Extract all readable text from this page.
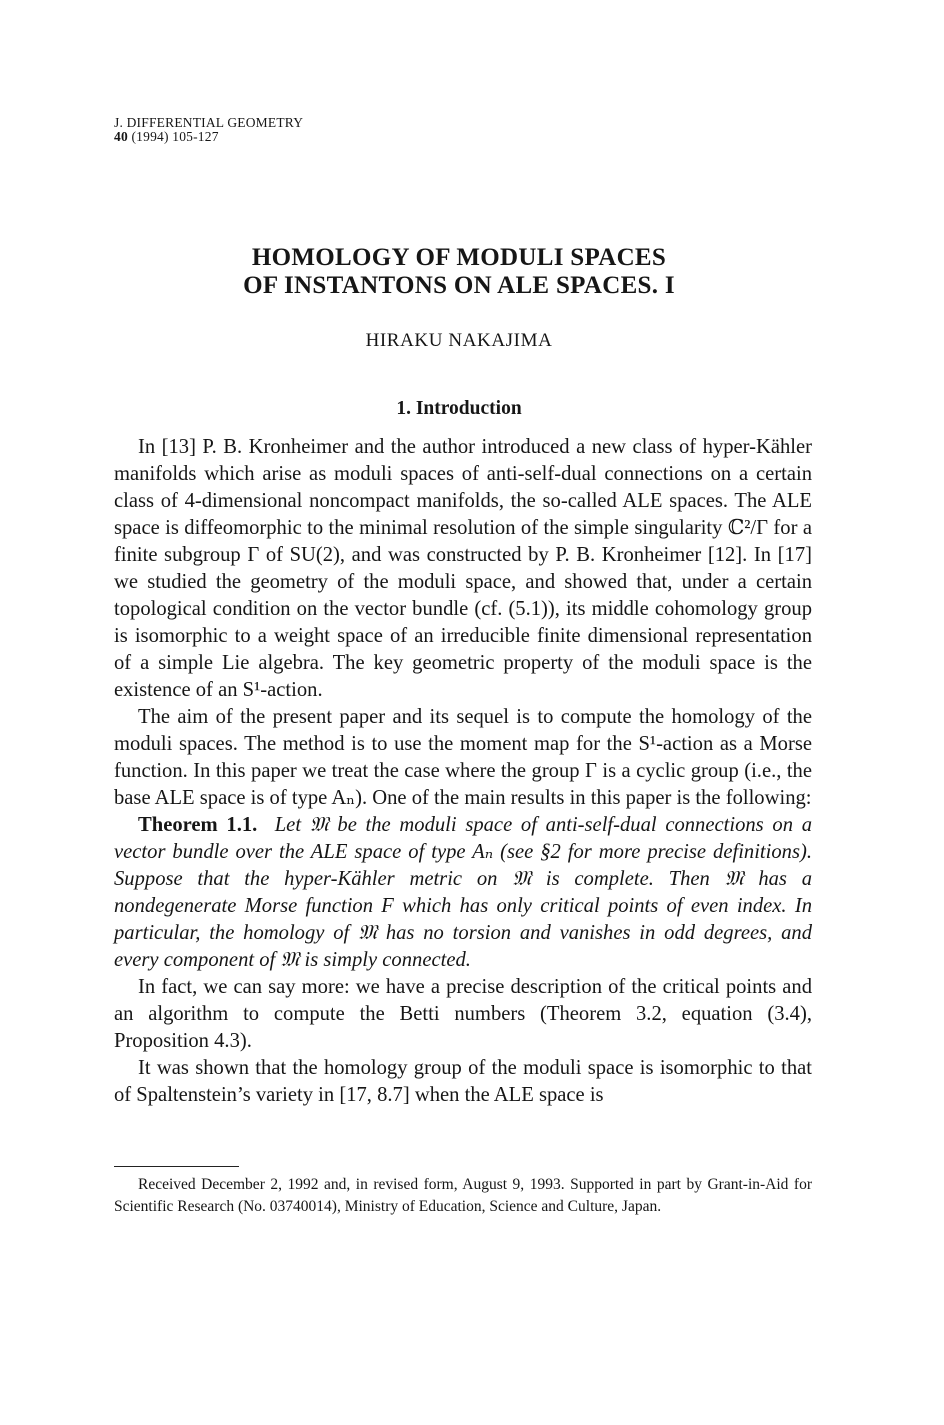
J. DIFFERENTIAL GEOMETRY
40 (1994) 105-127
HOMOLOGY OF MODULI SPACES
OF INSTANTONS ON ALE SPACES. I
HIRAKU NAKAJIMA
1. Introduction

In [13] P. B. Kronheimer and the author introduced a new class of hyper-Kähler manifolds which arise as moduli spaces of anti-self-dual connections on a certain class of 4-dimensional noncompact manifolds, the so-called ALE spaces. The ALE space is diffeomorphic to the minimal resolution of the simple singularity ℂ²/Γ for a finite subgroup Γ of SU(2), and was constructed by P. B. Kronheimer [12]. In [17] we studied the geometry of the moduli space, and showed that, under a certain topological condition on the vector bundle (cf. (5.1)), its middle cohomology group is isomorphic to a weight space of an irreducible finite dimensional representation of a simple Lie algebra. The key geometric property of the moduli space is the existence of an S¹-action.

The aim of the present paper and its sequel is to compute the homology of the moduli spaces. The method is to use the moment map for the S¹-action as a Morse function. In this paper we treat the case where the group Γ is a cyclic group (i.e., the base ALE space is of type Aₙ). One of the main results in this paper is the following:

Theorem 1.1. Let 𝔐 be the moduli space of anti-self-dual connections on a vector bundle over the ALE space of type Aₙ (see §2 for more precise definitions). Suppose that the hyper-Kähler metric on 𝔐 is complete. Then 𝔐 has a nondegenerate Morse function F which has only critical points of even index. In particular, the homology of 𝔐 has no torsion and vanishes in odd degrees, and every component of 𝔐 is simply connected.

In fact, we can say more: we have a precise description of the critical points and an algorithm to compute the Betti numbers (Theorem 3.2, equation (3.4), Proposition 4.3).

It was shown that the homology group of the moduli space is isomorphic to that of Spaltenstein’s variety in [17, 8.7] when the ALE space is

Received December 2, 1992 and, in revised form, August 9, 1993. Supported in part by Grant-in-Aid for Scientific Research (No. 03740014), Ministry of Education, Science and Culture, Japan.
